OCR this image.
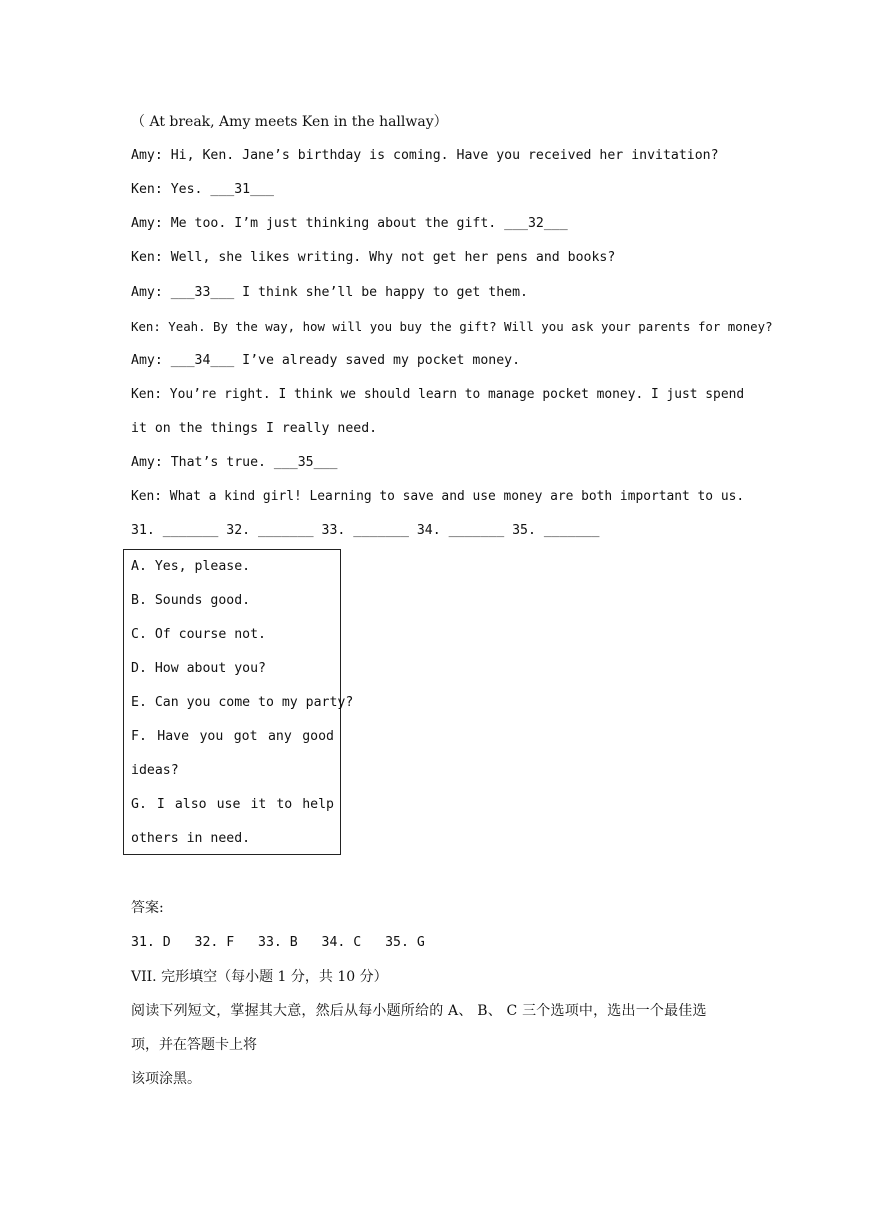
（ At break, Amy meets Ken in the hallway）
Amy: Hi, Ken. Jane’s birthday is coming. Have you received her invitation?
Ken: Yes. ___31___
Amy: Me too. I’m just thinking about the gift. ___32___
Ken: Well, she likes writing. Why not get her pens and books?
Amy: ___33___ I think she’ll be happy to get them.
Ken: Yeah. By the way, how will you buy the gift? Will you ask your parents for money?
Amy: ___34___ I’ve already saved my pocket money.
Ken: You’re right. I think we should learn to manage pocket money. I just spend
it on the things I really need.
Amy: That’s true. ___35___
Ken: What a kind girl! Learning to save and use money are both important to us.
31. _______ 32. _______ 33. _______ 34. _______ 35. _______
A. Yes, please.
B. Sounds good.
C. Of course not.
D. How about you?
E. Can you come to my party?
F. Have you got any good
ideas?
G. I also use it to help
others in need.
答案:
31. D   32. F   33. B   34. C   35. G
VII. 完形填空（每小题 1 分，共 10 分）
阅读下列短文，掌握其大意，然后从每小题所给的 A、 B、 C 三个选项中，选出一个最佳选
项，并在答题卡上将
该项涂黑。
